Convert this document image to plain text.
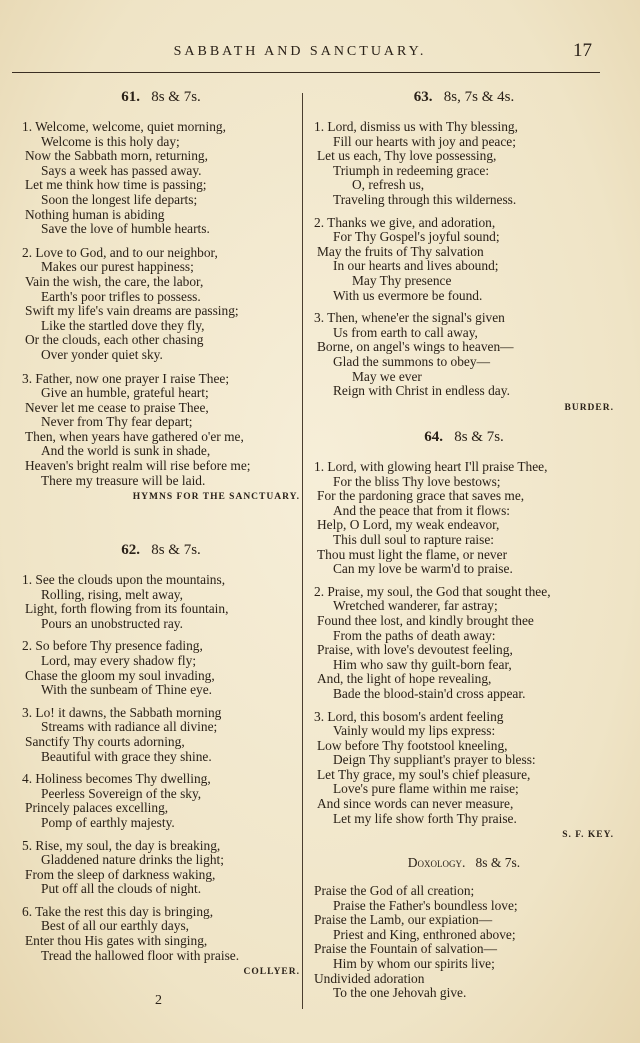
SABBATH AND SANCTUARY.	17
61. 8s & 7s.
1. Welcome, welcome, quiet morning,
Welcome is this holy day;
Now the Sabbath morn, returning,
Says a week has passed away.
Let me think how time is passing;
Soon the longest life departs;
Nothing human is abiding
Save the love of humble hearts.
2. Love to God, and to our neighbor,
Makes our purest happiness;
Vain the wish, the care, the labor,
Earth's poor trifles to possess.
Swift my life's vain dreams are passing;
Like the startled dove they fly,
Or the clouds, each other chasing
Over yonder quiet sky.
3. Father, now one prayer I raise Thee;
Give an humble, grateful heart;
Never let me cease to praise Thee,
Never from Thy fear depart;
Then, when years have gathered o'er me,
And the world is sunk in shade,
Heaven's bright realm will rise before me;
There my treasure will be laid.
HYMNS FOR THE SANCTUARY.
62. 8s & 7s.
1. See the clouds upon the mountains,
Rolling, rising, melt away,
Light, forth flowing from its fountain,
Pours an unobstructed ray.
2. So before Thy presence fading,
Lord, may every shadow fly;
Chase the gloom my soul invading,
With the sunbeam of Thine eye.
3. Lo! it dawns, the Sabbath morning
Streams with radiance all divine;
Sanctify Thy courts adorning,
Beautiful with grace they shine.
4. Holiness becomes Thy dwelling,
Peerless Sovereign of the sky,
Princely palaces excelling,
Pomp of earthly majesty.
5. Rise, my soul, the day is breaking,
Gladdened nature drinks the light;
From the sleep of darkness waking,
Put off all the clouds of night.
6. Take the rest this day is bringing,
Best of all our earthly days,
Enter thou His gates with singing,
Tread the hallowed floor with praise.
COLLYER.
63. 8s, 7s & 4s.
1. Lord, dismiss us with Thy blessing,
Fill our hearts with joy and peace;
Let us each, Thy love possessing,
Triumph in redeeming grace:
O, refresh us,
Traveling through this wilderness.
2. Thanks we give, and adoration,
For Thy Gospel's joyful sound;
May the fruits of Thy salvation
In our hearts and lives abound;
May Thy presence
With us evermore be found.
3. Then, whene'er the signal's given
Us from earth to call away,
Borne, on angel's wings to heaven—
Glad the summons to obey—
May we ever
Reign with Christ in endless day.
BURDER.
64. 8s & 7s.
1. Lord, with glowing heart I'll praise Thee,
For the bliss Thy love bestows;
For the pardoning grace that saves me,
And the peace that from it flows:
Help, O Lord, my weak endeavor,
This dull soul to rapture raise:
Thou must light the flame, or never
Can my love be warm'd to praise.
2. Praise, my soul, the God that sought thee,
Wretched wanderer, far astray;
Found thee lost, and kindly brought thee
From the paths of death away:
Praise, with love's devoutest feeling,
Him who saw thy guilt-born fear,
And, the light of hope revealing,
Bade the blood-stain'd cross appear.
3. Lord, this bosom's ardent feeling
Vainly would my lips express:
Low before Thy footstool kneeling,
Deign Thy suppliant's prayer to bless:
Let Thy grace, my soul's chief pleasure,
Love's pure flame within me raise;
And since words can never measure,
Let my life show forth Thy praise.
S. F. KEY.
Doxology. 8s & 7s.
Praise the God of all creation;
Praise the Father's boundless love;
Praise the Lamb, our expiation—
Priest and King, enthroned above;
Praise the Fountain of salvation—
Him by whom our spirits live;
Undivided adoration
To the one Jehovah give.
2
